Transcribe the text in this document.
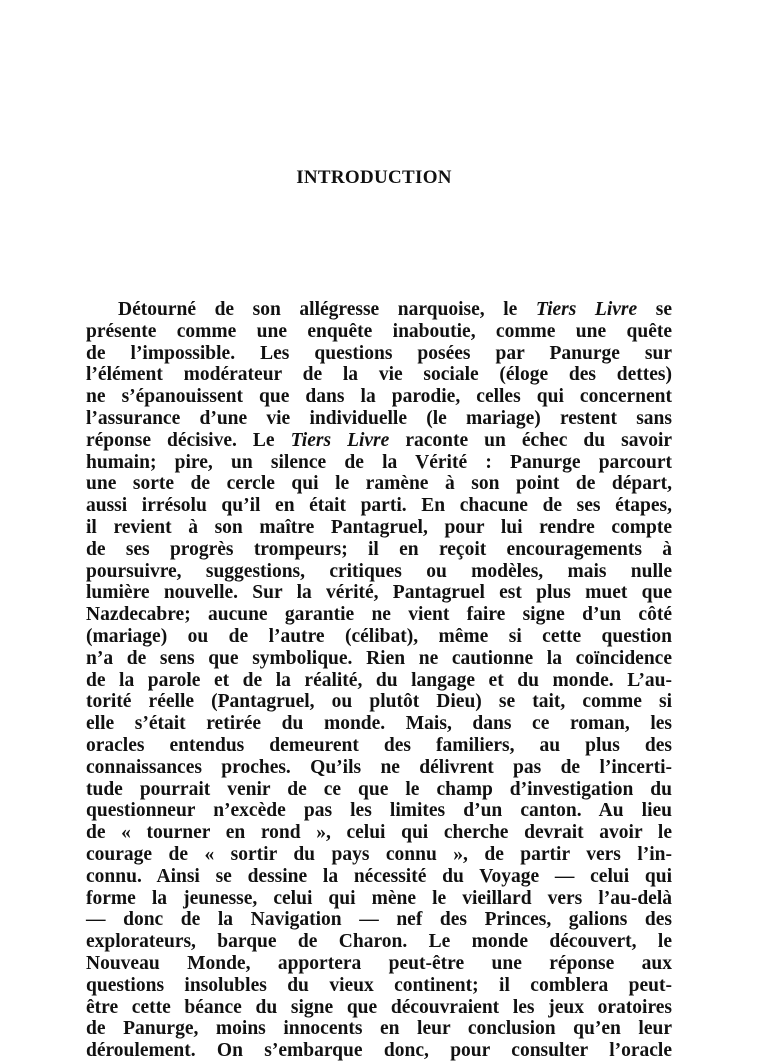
INTRODUCTION
Détourné de son allégresse narquoise, le Tiers Livre se
présente comme une enquête inaboutie, comme une quête
de l’impossible. Les questions posées par Panurge sur
l’élément modérateur de la vie sociale (éloge des dettes)
ne s’épanouissent que dans la parodie, celles qui concernent
l’assurance d’une vie individuelle (le mariage) restent sans
réponse décisive. Le Tiers Livre raconte un échec du savoir
humain; pire, un silence de la Vérité : Panurge parcourt
une sorte de cercle qui le ramène à son point de départ,
aussi irrésolu qu’il en était parti. En chacune de ses étapes,
il revient à son maître Pantagruel, pour lui rendre compte
de ses progrès trompeurs; il en reçoit encouragements à
poursuivre, suggestions, critiques ou modèles, mais nulle
lumière nouvelle. Sur la vérité, Pantagruel est plus muet que
Nazdecabre; aucune garantie ne vient faire signe d’un côté
(mariage) ou de l’autre (célibat), même si cette question
n’a de sens que symbolique. Rien ne cautionne la coïncidence
de la parole et de la réalité, du langage et du monde. L’au-
torité réelle (Pantagruel, ou plutôt Dieu) se tait, comme si
elle s’était retirée du monde. Mais, dans ce roman, les
oracles entendus demeurent des familiers, au plus des
connaissances proches. Qu’ils ne délivrent pas de l’incerti-
tude pourrait venir de ce que le champ d’investigation du
questionneur n’excède pas les limites d’un canton. Au lieu
de « tourner en rond », celui qui cherche devrait avoir le
courage de « sortir du pays connu », de partir vers l’in-
connu. Ainsi se dessine la nécessité du Voyage — celui qui
forme la jeunesse, celui qui mène le vieillard vers l’au-delà
— donc de la Navigation — nef des Princes, galions des
explorateurs, barque de Charon. Le monde découvert, le
Nouveau Monde, apportera peut-être une réponse aux
questions insolubles du vieux continent; il comblera peut-
être cette béance du signe que découvraient les jeux oratoires
de Panurge, moins innocents en leur conclusion qu’en leur
déroulement. On s’embarque donc, pour consulter l’oracle
